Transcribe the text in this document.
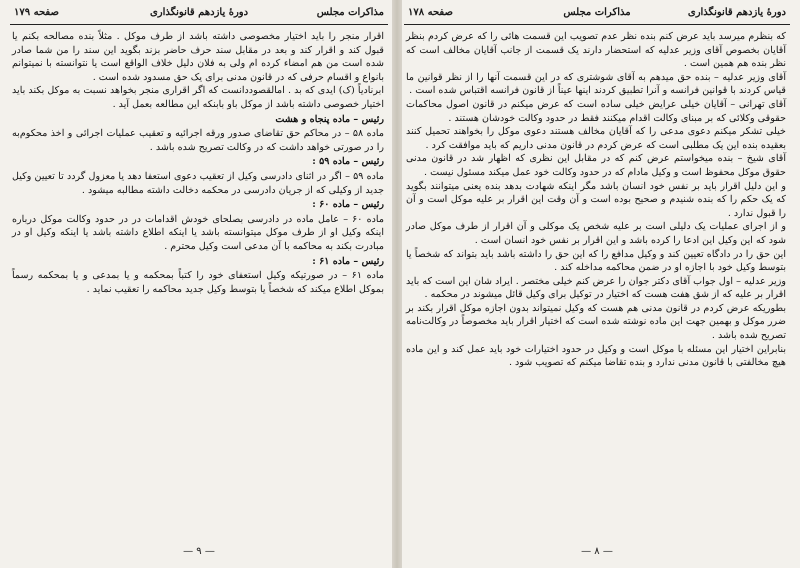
مذاکرات مجلس
دورهٔ یازدهم قانونگذاری
صفحه ۱۷۹

اقرار منجر را باید اختیار مخصوصی داشته باشد از طرف موکل . مثلاً بنده مصالحه بکنم یا قبول کند و اقرار کند و بعد در مقابل سند حرف حاضر بزند بگوید این سند را من شما صادر شده است من هم امضاء کرده ام ولی به فلان دلیل خلاف الواقع است یا نتوانسته با نمیتوانم بانواع و اقسام حرفی که در قانون مدنی برای یک حق مسدود شده است .

ابرنادیاً (ک) ایدی که بد . امالقصوددانست که اگر اقراری منجر بخواهد نسبت به موکل بکند باید اختیار خصوصی داشته باشد از موکل باو بابنکه این مطالعه بعمل آید .

رئیس – ماده پنجاه و هشت

ماده ۵۸ – در محاکم حق تقاضای صدور ورقه اجرائیه و تعقیب عملیات اجرائی و اخذ محکوم‌به را در صورتی خواهد داشت که در وکالت تصریح شده باشد .

رئیس – ماده ۵۹ :

ماده ۵۹ – اگر در اثنای دادرسی وکیل از تعقیب دعوی استعفا دهد یا معزول گردد تا تعیین وکیل جدید از وکیلی که از جریان دادرسی در محکمه دخالت داشته مطالبه میشود .

رئیس – ماده ۶۰ :

ماده ۶۰ – عامل ماده در دادرسی بصلحای خودش اقدامات در در حدود وکالت موکل درباره اینکه وکیل او از طرف موکل میتوانسته باشد یا اینکه اطلاع داشته باشد یا اینکه وکیل او در مبادرت بکند به محاکمه با آن مدعی است وکیل محترم .

رئیس – ماده ۶۱ :

ماده ۶۱ – در صورتیکه وکیل استعفای خود را کتباً بمحکمه و یا بمدعی و یا بمحکمه رسماً بموکل اطلاع میکند که شخصاً یا بتوسط وکیل جدید محاکمه را تعقیب نماید .

— ۹ —
دورهٔ یازدهم قانونگذاری
مذاکرات مجلس
صفحه ۱۷۸

که بنظرم میرسد باید عرض کنم بنده نظر عدم تصویب این قسمت هائی را که عرض کردم بنظر آقایان بخصوص آقای وزیر عدلیه که استحضار دارند یک قسمت از جانب آقایان مخالف است که نظر بنده هم همین است .

آقای وزیر عدلیه – بنده حق میدهم به آقای شوشتری که در این قسمت آنها را از نظر قوانین ما قیاس کردند با قوانین فرانسه و آنرا تطبیق کردند اینها عیناً از قانون فرانسه اقتباس شده است .

آقای تهرانی – آقایان خیلی عرایض خیلی ساده است که عرض میکنم در قانون اصول محاکمات حقوقی وکلائی که بر مبنای وکالت اقدام میکنند فقط در حدود وکالت خودشان هستند .

خیلی تشکر میکنم دعوی مدعی را که آقایان مخالف هستند دعوی موکل را بخواهند تحمیل کنند بعقیده بنده این یک مطلبی است که عرض کردم در قانون مدنی داریم که باید موافقت کرد .

آقای شیخ – بنده میخواستم عرض کنم که در مقابل این نظری که اظهار شد در قانون مدنی حقوق موکل محفوظ است و وکیل مادام که در حدود وکالت خود عمل میکند مسئول نیست .

و این دلیل اقرار باید بر نفس خود انسان باشد مگر اینکه شهادت بدهد بنده یعنی میتوانند بگوید که یک حکم را که بنده شنیدم و صحیح بوده است و آن وقت این اقرار بر علیه موکل است و آن را قبول ندارد .

و از اجرای عملیات یک دلیلی است بر علیه شخص یک موکلی و آن اقرار از طرف موکل صادر شود که این وکیل این ادعا را کرده باشد و این اقرار بر نفس خود انسان است .

این حق را در دادگاه تعیین کند و وکیل مدافع را که این حق را داشته باشد باید بتواند که شخصاً یا بتوسط وکیل خود با اجازه او در ضمن محاکمه مداخله کند .

وزیر عدلیه – اول جواب آقای دکتر جوان را عرض کنم خیلی مختصر . ایراد شان این است که باید اقرار بر علیه که از شق هفت هست که اختیار در توکیل برای وکیل قائل میشوند در محکمه .

بطوریکه عرض کردم در قانون مدنی هم هست که وکیل نمیتواند بدون اجازه موکل اقرار بکند بر ضرر موکل و بهمین جهت این ماده نوشته شده است که اختیار اقرار باید مخصوصاً در وکالت‌نامه تصریح شده باشد .

بنابراین اختیار این مسئله با موکل است و وکیل در حدود اختیارات خود باید عمل کند و این ماده هیچ مخالفتی با قانون مدنی ندارد و بنده تقاضا میکنم که تصویب شود .

— ۸ —
